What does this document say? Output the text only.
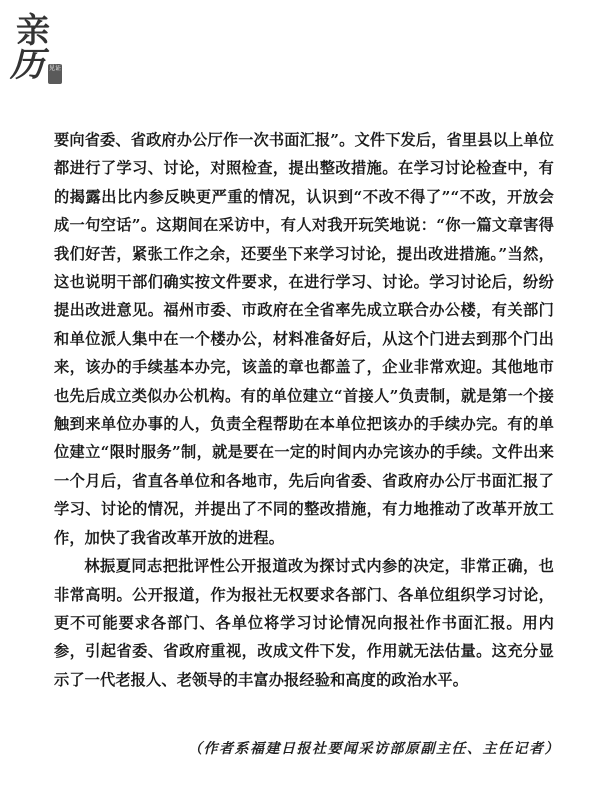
亲
历 见证

要向省委、省政府办公厅作一次书面汇报”。文件下发后，省里县以上单位都进行了学习、讨论，对照检查，提出整改措施。在学习讨论检查中，有的揭露出比内参反映更严重的情况，认识到“不改不得了”“不改，开放会成一句空话”。这期间在采访中，有人对我开玩笑地说：“你一篇文章害得我们好苦，紧张工作之余，还要坐下来学习讨论，提出改进措施。”当然，这也说明干部们确实按文件要求，在进行学习、讨论。学习讨论后，纷纷提出改进意见。福州市委、市政府在全省率先成立联合办公楼，有关部门和单位派人集中在一个楼办公，材料准备好后，从这个门进去到那个门出来，该办的手续基本办完，该盖的章也都盖了，企业非常欢迎。其他地市也先后成立类似办公机构。有的单位建立“首接人”负责制，就是第一个接触到来单位办事的人，负责全程帮助在本单位把该办的手续办完。有的单位建立“限时服务”制，就是要在一定的时间内办完该办的手续。文件出来一个月后，省直各单位和各地市，先后向省委、省政府办公厅书面汇报了学习、讨论的情况，并提出了不同的整改措施，有力地推动了改革开放工作，加快了我省改革开放的进程。

林振夏同志把批评性公开报道改为探讨式内参的决定，非常正确，也非常高明。公开报道，作为报社无权要求各部门、各单位组织学习讨论，更不可能要求各部门、各单位将学习讨论情况向报社作书面汇报。用内参，引起省委、省政府重视，改成文件下发，作用就无法估量。这充分显示了一代老报人、老领导的丰富办报经验和高度的政治水平。

（作者系福建日报社要闻采访部原副主任、主任记者）
